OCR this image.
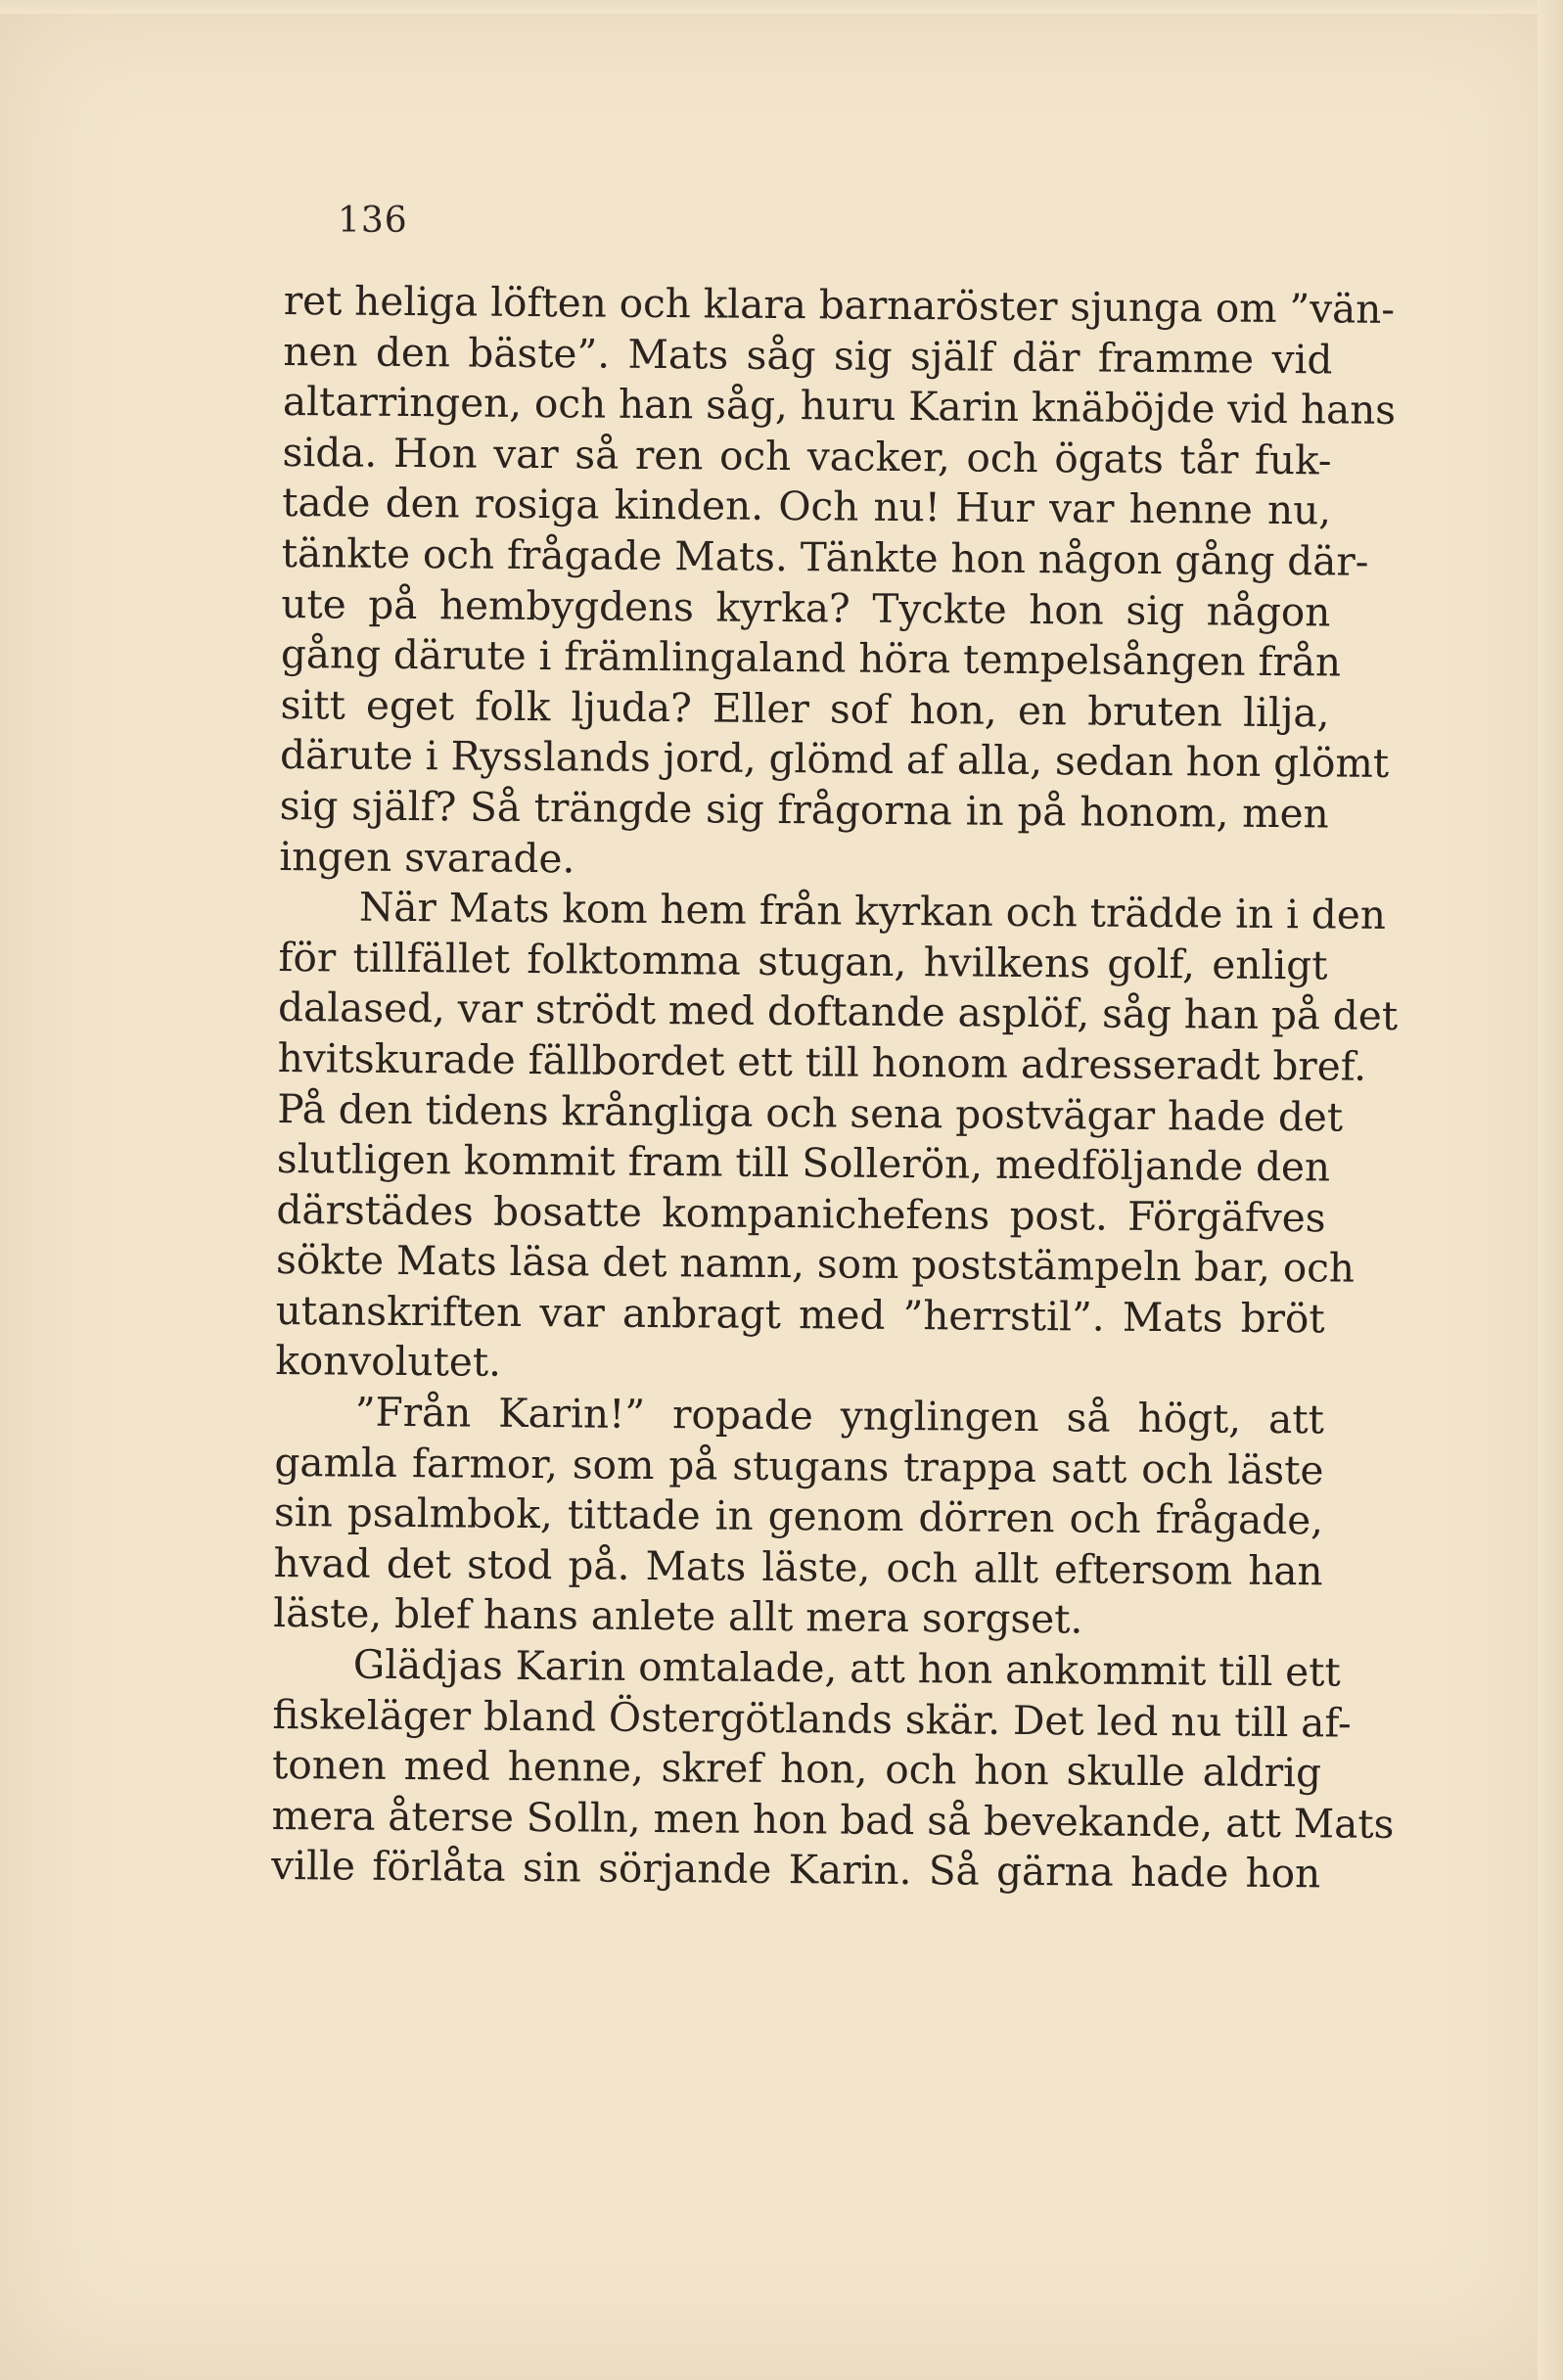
136
ret heliga löften och klara barnaröster sjunga om ”vän-
nen den bäste”. Mats såg sig själf där framme vid
altarringen, och han såg, huru Karin knäböjde vid hans
sida. Hon var så ren och vacker, och ögats tår fuk-
tade den rosiga kinden. Och nu! Hur var henne nu,
tänkte och frågade Mats. Tänkte hon någon gång där-
ute på hembygdens kyrka? Tyckte hon sig någon
gång därute i främlingaland höra tempelsången från
sitt eget folk ljuda? Eller sof hon, en bruten lilja,
därute i Rysslands jord, glömd af alla, sedan hon glömt
sig själf? Så trängde sig frågorna in på honom, men
ingen svarade.
När Mats kom hem från kyrkan och trädde in i den
för tillfället folktomma stugan, hvilkens golf, enligt
dalased, var strödt med doftande asplöf, såg han på det
hvitskurade fällbordet ett till honom adresseradt bref.
På den tidens krångliga och sena postvägar hade det
slutligen kommit fram till Sollerön, medföljande den
därstädes bosatte kompanichefens post. Förgäfves
sökte Mats läsa det namn, som poststämpeln bar, och
utanskriften var anbragt med ”herrstil”. Mats bröt
konvolutet.
”Från Karin!” ropade ynglingen så högt, att
gamla farmor, som på stugans trappa satt och läste
sin psalmbok, tittade in genom dörren och frågade,
hvad det stod på. Mats läste, och allt eftersom han
läste, blef hans anlete allt mera sorgset.
Glädjas Karin omtalade, att hon ankommit till ett
fiskeläger bland Östergötlands skär. Det led nu till af-
tonen med henne, skref hon, och hon skulle aldrig
mera återse Solln, men hon bad så bevekande, att Mats
ville förlåta sin sörjande Karin. Så gärna hade hon
